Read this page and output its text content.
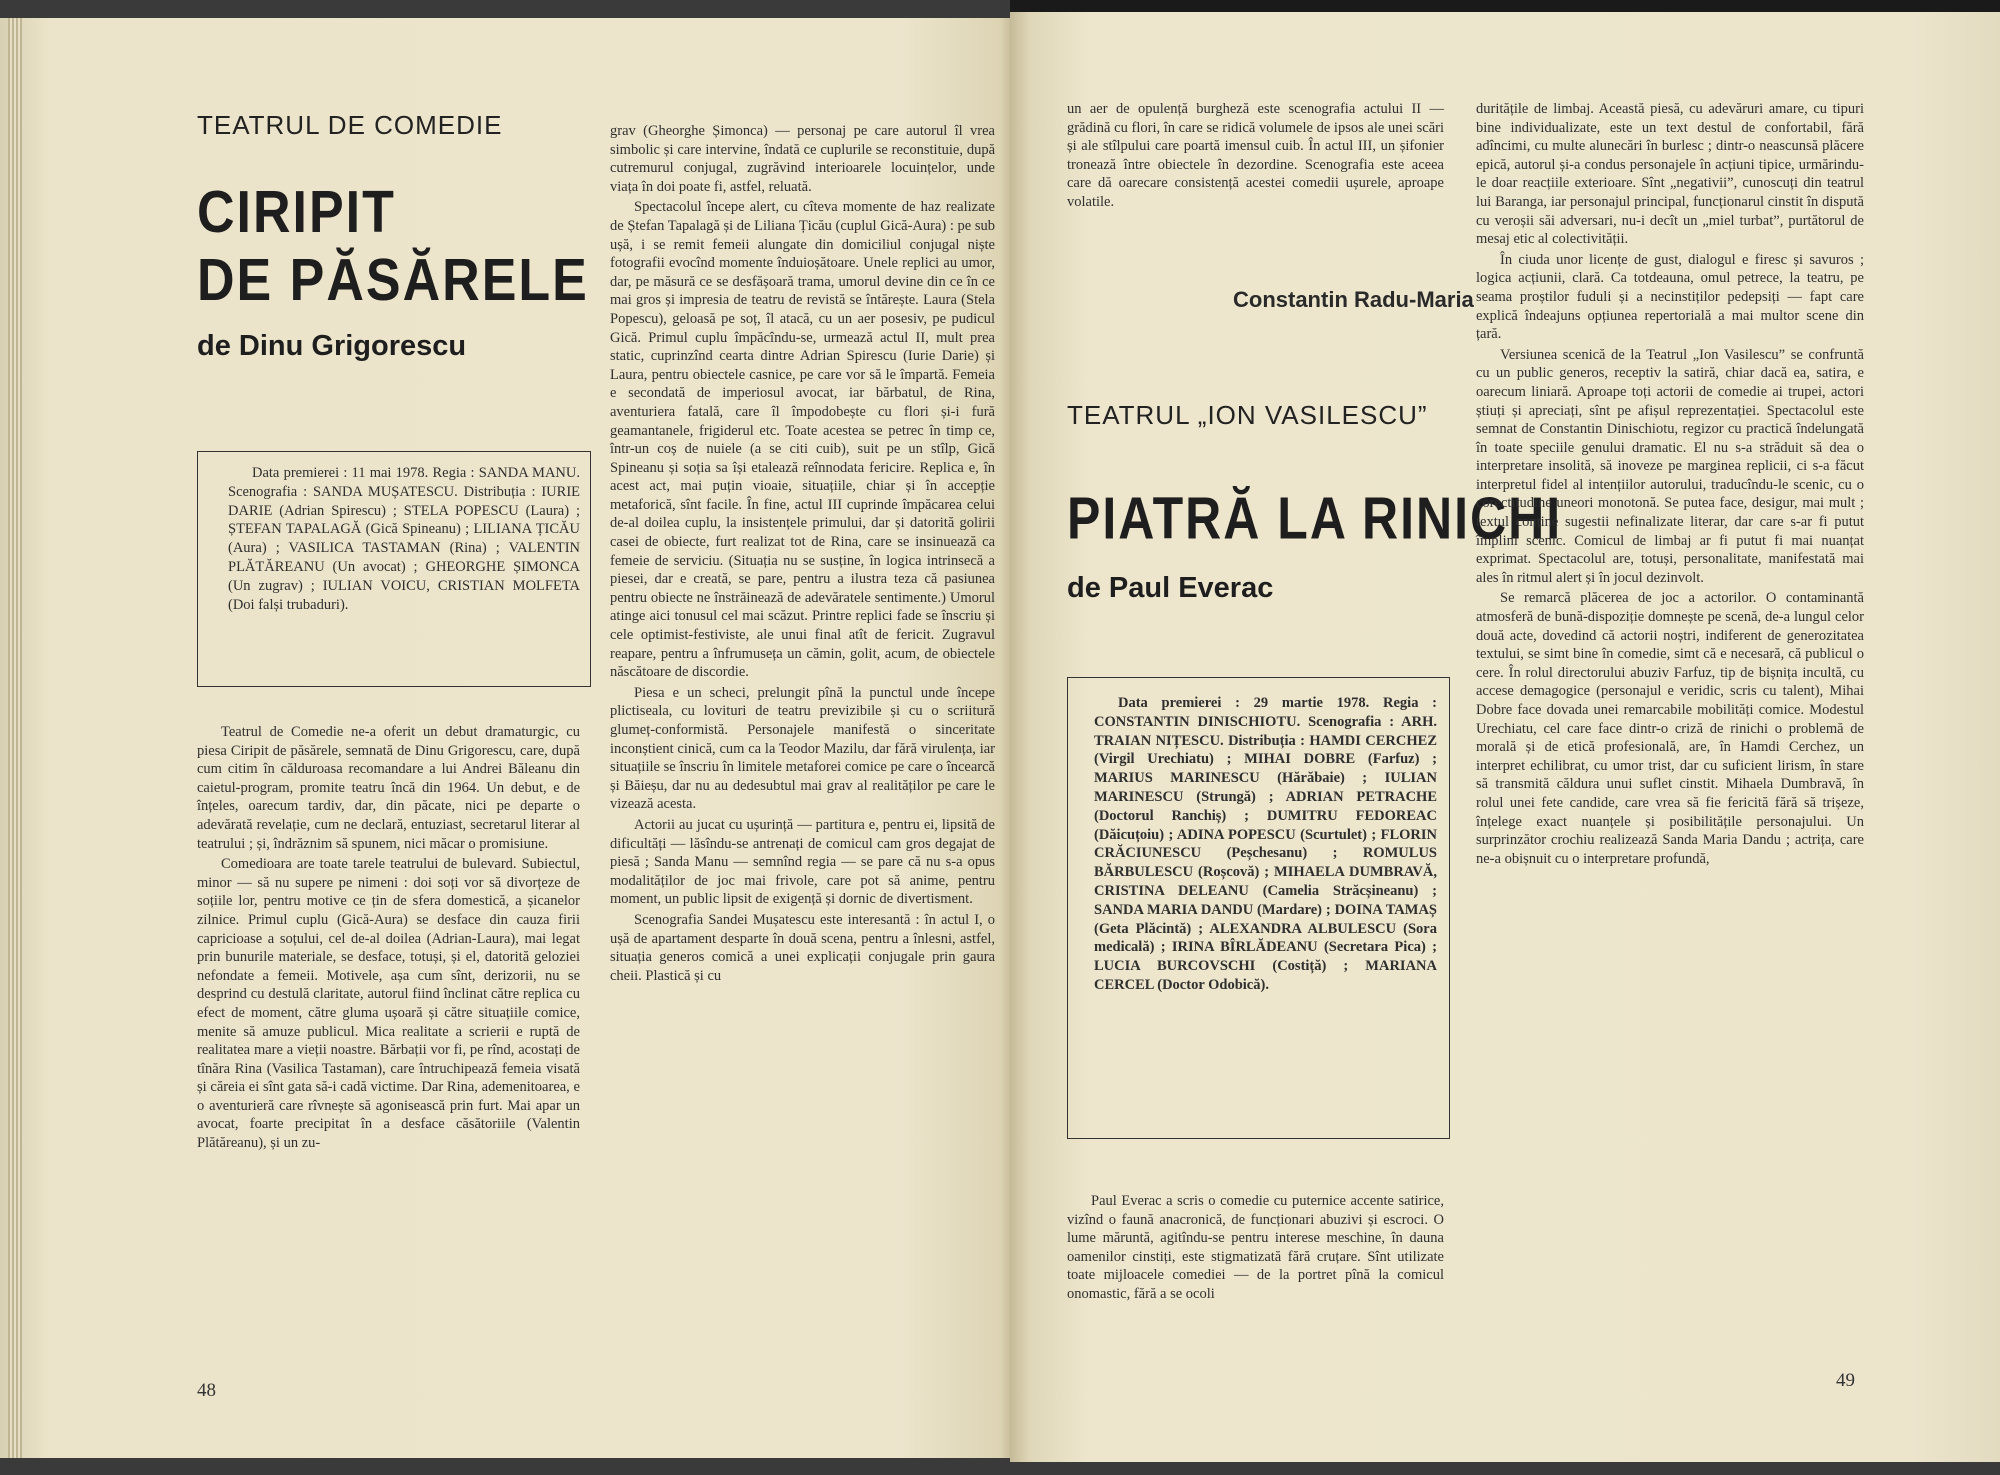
TEATRUL DE COMEDIE
CIRIPIT
DE PĂSĂRELE
de Dinu Grigorescu

Data premierei : 11 mai 1978. Regia : SANDA MANU. Scenografia : SANDA MUȘATESCU. Distribuția : IURIE DARIE (Adrian Spirescu) ; STELA POPESCU (Laura) ; ȘTEFAN TAPALAGĂ (Gică Spineanu) ; LILIANA ȚICĂU (Aura) ; VASILICA TASTAMAN (Rina) ; VALENTIN PLĂTĂREANU (Un avocat) ; GHEORGHE ȘIMONCA (Un zugrav) ; IULIAN VOICU, CRISTIAN MOLFETA (Doi falși trubaduri).

Teatrul de Comedie ne-a oferit un debut dramaturgic, cu piesa Ciripit de păsărele, semnată de Dinu Grigorescu, care, după cum citim în călduroasa recomandare a lui Andrei Băleanu din caietul-program, promite teatru încă din 1964. Un debut, e de înțeles, oarecum tardiv, dar, din păcate, nici pe departe o adevărată revelație, cum ne declară, entuziast, secretarul literar al teatrului ; și, îndrăznim să spunem, nici măcar o promisiune.

Comedioara are toate tarele teatrului de bulevard. Subiectul, minor — să nu supere pe nimeni : doi soți vor să divorțeze de soțiile lor, pentru motive ce țin de sfera domestică, a șicanelor zilnice. Primul cuplu (Gică-Aura) se desface din cauza firii capricioase a soțului, cel de-al doilea (Adrian-Laura), mai legat prin bunurile materiale, se desface, totuși, și el, datorită geloziei nefondate a femeii. Motivele, așa cum sînt, derizorii, nu se desprind cu destulă claritate, autorul fiind înclinat către replica cu efect de moment, către gluma ușoară și către situațiile comice, menite să amuze publicul. Mica realitate a scrierii e ruptă de realitatea mare a vieții noastre. Bărbații vor fi, pe rînd, acostați de tînăra Rina (Vasilica Tastaman), care întruchipează femeia visată și căreia ei sînt gata să-i cadă victime. Dar Rina, ademenitoarea, e o aventurieră care rîvnește să agonisească prin furt. Mai apar un avocat, foarte precipitat în a desface căsătoriile (Valentin Plătăreanu), și un zu-

grav (Gheorghe Șimonca) — personaj pe care autorul îl vrea simbolic și care intervine, îndată ce cuplurile se reconstituie, după cutremurul conjugal, zugrăvind interioarele locuințelor, unde viața în doi poate fi, astfel, reluată.

Spectacolul începe alert, cu cîteva momente de haz realizate de Ștefan Tapalagă și de Liliana Țicău (cuplul Gică-Aura) : pe sub ușă, i se remit femeii alungate din domiciliul conjugal niște fotografii evocînd momente înduioșătoare. Unele replici au umor, dar, pe măsură ce se desfășoară trama, umorul devine din ce în ce mai gros și impresia de teatru de revistă se întărește. Laura (Stela Popescu), geloasă pe soț, îl atacă, cu un aer posesiv, pe pudicul Gică. Primul cuplu împăcîndu-se, urmează actul II, mult prea static, cuprinzînd cearta dintre Adrian Spirescu (Iurie Darie) și Laura, pentru obiectele casnice, pe care vor să le împartă. Femeia e secondată de imperiosul avocat, iar bărbatul, de Rina, aventuriera fatală, care îl împodobește cu flori și-i fură geamantanele, frigiderul etc. Toate acestea se petrec în timp ce, într-un coș de nuiele (a se citi cuib), suit pe un stîlp, Gică Spineanu și soția sa își etalează reînnodata fericire. Replica e, în acest act, mai puțin vioaie, situațiile, chiar și în accepție metaforică, sînt facile. În fine, actul III cuprinde împăcarea celui de-al doilea cuplu, la insistențele primului, dar și datorită golirii casei de obiecte, furt realizat tot de Rina, care se insinuează ca femeie de serviciu. (Situația nu se susține, în logica intrinsecă a piesei, dar e creată, se pare, pentru a ilustra teza că pasiunea pentru obiecte ne înstrăinează de adevăratele sentimente.) Umorul atinge aici tonusul cel mai scăzut. Printre replici fade se înscriu și cele optimist-festiviste, ale unui final atît de fericit. Zugravul reapare, pentru a înfrumuseța un cămin, golit, acum, de obiectele născătoare de discordie.

Piesa e un scheci, prelungit pînă la punctul unde începe plictiseala, cu lovituri de teatru previzibile și cu o scriitură glumeț-conformistă. Personajele manifestă o sinceritate inconștient cinică, cum ca la Teodor Mazilu, dar fără virulența, iar situațiile se înscriu în limitele metaforei comice pe care o încearcă și Băieșu, dar nu au dedesubtul mai grav al realităților pe care le vizează acesta.

Actorii au jucat cu ușurință — partitura e, pentru ei, lipsită de dificultăți — lăsîndu-se antrenați de comicul cam gros degajat de piesă ; Sanda Manu — semnînd regia — se pare că nu s-a opus modalităților de joc mai frivole, care pot să anime, pentru moment, un public lipsit de exigență și dornic de divertisment.

Scenografia Sandei Mușatescu este interesantă : în actul I, o ușă de apartament desparte în două scena, pentru a înlesni, astfel, situația generos comică a unei explicații conjugale prin gaura cheii. Plastică și cu

48

un aer de opulență burgheză este scenografia actului II — grădină cu flori, în care se ridică volumele de ipsos ale unei scări și ale stîlpului care poartă imensul cuib. În actul III, un șifonier tronează între obiectele în dezordine. Scenografia este aceea care dă oarecare consistență acestei comedii ușurele, aproape volatile.

Constantin Radu-Maria
TEATRUL „ION VASILESCU”
PIATRĂ LA RINICHI
de Paul Everac

Data premierei : 29 martie 1978. Regia : CONSTANTIN DINISCHIOTU. Scenografia : ARH. TRAIAN NIȚESCU. Distribuția : HAMDI CERCHEZ (Virgil Urechiatu) ; MIHAI DOBRE (Farfuz) ; MARIUS MARINESCU (Hărăbaie) ; IULIAN MARINESCU (Strungă) ; ADRIAN PETRACHE (Doctorul Ranchiș) ; DUMITRU FEDOREAC (Dăicuțoiu) ; ADINA POPESCU (Scurtulet) ; FLORIN CRĂCIUNESCU (Peșchesanu) ; ROMULUS BĂRBULESCU (Roșcovă) ; MIHAELA DUMBRAVĂ, CRISTINA DELEANU (Camelia Străcșineanu) ; SANDA MARIA DANDU (Mardare) ; DOINA TAMAȘ (Geta Plăcintă) ; ALEXANDRA ALBULESCU (Sora medicală) ; IRINA BÎRLĂDEANU (Secretara Pica) ; LUCIA BURCOVSCHI (Costiță) ; MARIANA CERCEL (Doctor Odobică).

Paul Everac a scris o comedie cu puternice accente satirice, vizînd o faună anacronică, de funcționari abuzivi și escroci. O lume măruntă, agitîndu-se pentru interese meschine, în dauna oamenilor cinstiți, este stigmatizată fără cruțare. Sînt utilizate toate mijloacele comediei — de la portret pînă la comicul onomastic, fără a se ocoli

duritățile de limbaj. Această piesă, cu adevăruri amare, cu tipuri bine individualizate, este un text destul de confortabil, fără adîncimi, cu multe alunecări în burlesc ; dintr-o neascunsă plăcere epică, autorul și-a condus personajele în acțiuni tipice, urmărindu-le doar reacțiile exterioare. Sînt „negativii”, cunoscuți din teatrul lui Baranga, iar personajul principal, funcționarul cinstit în dispută cu veroșii săi adversari, nu-i decît un „miel turbat”, purtătorul de mesaj etic al colectivității.

În ciuda unor licențe de gust, dialogul e firesc și savuros ; logica acțiunii, clară. Ca totdeauna, omul petrece, la teatru, pe seama proștilor fuduli și a necinstiților pedepsiți — fapt care explică îndeajuns opțiunea repertorială a mai multor scene din țară.

Versiunea scenică de la Teatrul „Ion Vasilescu” se confruntă cu un public generos, receptiv la satiră, chiar dacă ea, satira, e oarecum liniară. Aproape toți actorii de comedie ai trupei, actori știuți și apreciați, sînt pe afișul reprezentației. Spectacolul este semnat de Constantin Dinischiotu, regizor cu practică îndelungată în toate speciile genului dramatic. El nu s-a străduit să dea o interpretare insolită, să inoveze pe marginea replicii, ci s-a făcut interpretul fidel al intențiilor autorului, traducîndu-le scenic, cu o corectitudine uneori monotonă. Se putea face, desigur, mai mult ; textul conține sugestii nefinalizate literar, dar care s-ar fi putut împlini scenic. Comicul de limbaj ar fi putut fi mai nuanțat exprimat. Spectacolul are, totuși, personalitate, manifestată mai ales în ritmul alert și în jocul dezinvolt.

Se remarcă plăcerea de joc a actorilor. O contaminantă atmosferă de bună-dispoziție domnește pe scenă, de-a lungul celor două acte, dovedind că actorii noștri, indiferent de generozitatea textului, se simt bine în comedie, simt că e necesară, că publicul o cere. În rolul directorului abuziv Farfuz, tip de bișnița incultă, cu accese demagogice (personajul e veridic, scris cu talent), Mihai Dobre face dovada unei remarcabile mobilități comice. Modestul Urechiatu, cel care face dintr-o criză de rinichi o problemă de morală și de etică profesională, are, în Hamdi Cerchez, un interpret echilibrat, cu umor trist, dar cu suficient lirism, în stare să transmită căldura unui suflet cinstit. Mihaela Dumbravă, în rolul unei fete candide, care vrea să fie fericită fără să trișeze, înțelege exact nuanțele și posibilitățile personajului. Un surprinzător crochiu realizează Sanda Maria Dandu ; actrița, care ne-a obișnuit cu o interpretare profundă,

49
